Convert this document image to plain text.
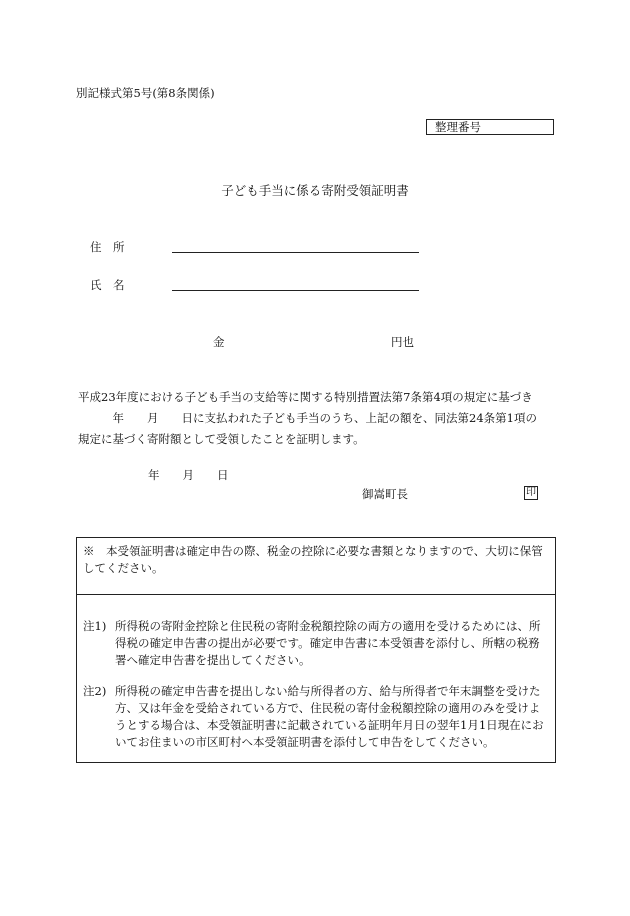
別記様式第5号(第8条関係)
整理番号
子ども手当に係る寄附受領証明書
住　所
氏　名
金	円也

平成23年度における子ども手当の支給等に関する特別措置法第7条第4項の規定に基づき

　　　年　　月　　日に支払われた子ども手当のうち、上記の額を、同法第24条第1項の

規定に基づく寄附額として受領したことを証明します。

年　　月　　日
御嵩町長	印
※　本受領証明書は確定申告の際、税金の控除に必要な書類となりますので、大切に保管してください。
注1) 所得税の寄附金控除と住民税の寄附金税額控除の両方の適用を受けるためには、所得税の確定申告書の提出が必要です。確定申告書に本受領書を添付し、所轄の税務署へ確定申告書を提出してください。
注2) 所得税の確定申告書を提出しない給与所得者の方、給与所得者で年末調整を受けた方、又は年金を受給されている方で、住民税の寄付金税額控除の適用のみを受けようとする場合は、本受領証明書に記載されている証明年月日の翌年1月1日現在においてお住まいの市区町村へ本受領証明書を添付して申告をしてください。
